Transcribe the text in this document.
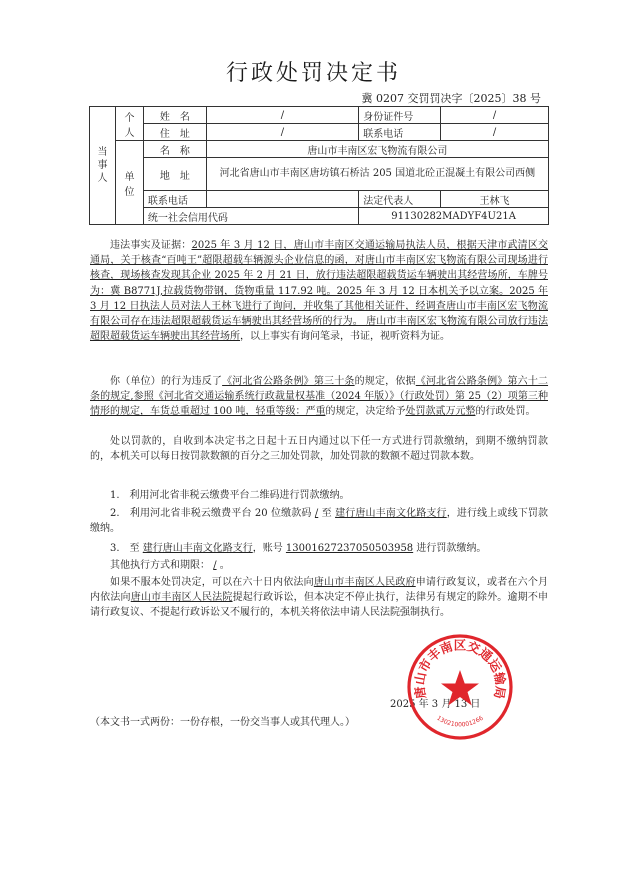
行政处罚决定书
冀 0207 交罚罚决字〔2025〕38 号
当事人	个人	姓　名	/	身份证件号	/
		住　址	/	联系电话	/
	单位	名　称	唐山市丰南区宏飞物流有限公司		
		地　址	河北省唐山市丰南区唐坊镇石桥沽 205 国道北砼正混凝土有限公司西侧		
		联系电话		法定代表人	王林飞
		统一社会信用代码		91130282MADYF4U21A	
违法事实及证据：2025 年 3 月 12 日，唐山市丰南区交通运输局执法人员，根据天津市武清区交通局，关于核查“百吨王”超限超载车辆源头企业信息的函，对唐山市丰南区宏飞物流有限公司现场进行核查，现场核查发现其企业 2025 年 2 月 21 日，放行违法超限超载货运车辆驶出其经营场所，车牌号为：冀 B8771J,拉载货物带钢，货物重量 117.92 吨。2025 年 3 月 12 日本机关予以立案。2025 年 3 月 12 日执法人员对法人王林飞进行了询问，并收集了其他相关证件，经调查唐山市丰南区宏飞物流有限公司存在违法超限超载货运车辆驶出其经营场所的行为。 唐山市丰南区宏飞物流有限公司放行违法超限超载货运车辆驶出其经营场所，以上事实有询问笔录，书证，视听资料为证。
你（单位）的行为违反了《河北省公路条例》第三十条的规定，依据《河北省公路条例》第六十二条的规定,参照《河北省交通运输系统行政裁量权基准（2024 年版）》（行政处罚）第 25（2）项第三种情形的规定，车货总重超过 100 吨，轻重等级：严重的规定，决定给予处罚款贰万元整的行政处罚。
处以罚款的，自收到本决定书之日起十五日内通过以下任一方式进行罚款缴纳，到期不缴纳罚款的，本机关可以每日按罚款数额的百分之三加处罚款，加处罚款的数额不超过罚款本数。
1.　利用河北省非税云缴费平台二维码进行罚款缴纳。
2.　利用河北省非税云缴费平台 20 位缴款码 / 至 建行唐山丰南文化路支行，进行线上或线下罚款缴纳。
3.　至 建行唐山丰南文化路支行，账号 13001627237050503958 进行罚款缴纳。
其他执行方式和期限： / 。
如果不服本处罚决定，可以在六十日内依法向唐山市丰南区人民政府申请行政复议，或者在六个月内依法向唐山市丰南区人民法院提起行政诉讼，但本决定不停止执行，法律另有规定的除外。逾期不申请行政复议、不提起行政诉讼又不履行的，本机关将依法申请人民法院强制执行。
2025 年 3 月 13 日
唐山市丰南区交通运输局
1302100001266
（本文书一式两份：一份存根，一份交当事人或其代理人。）
